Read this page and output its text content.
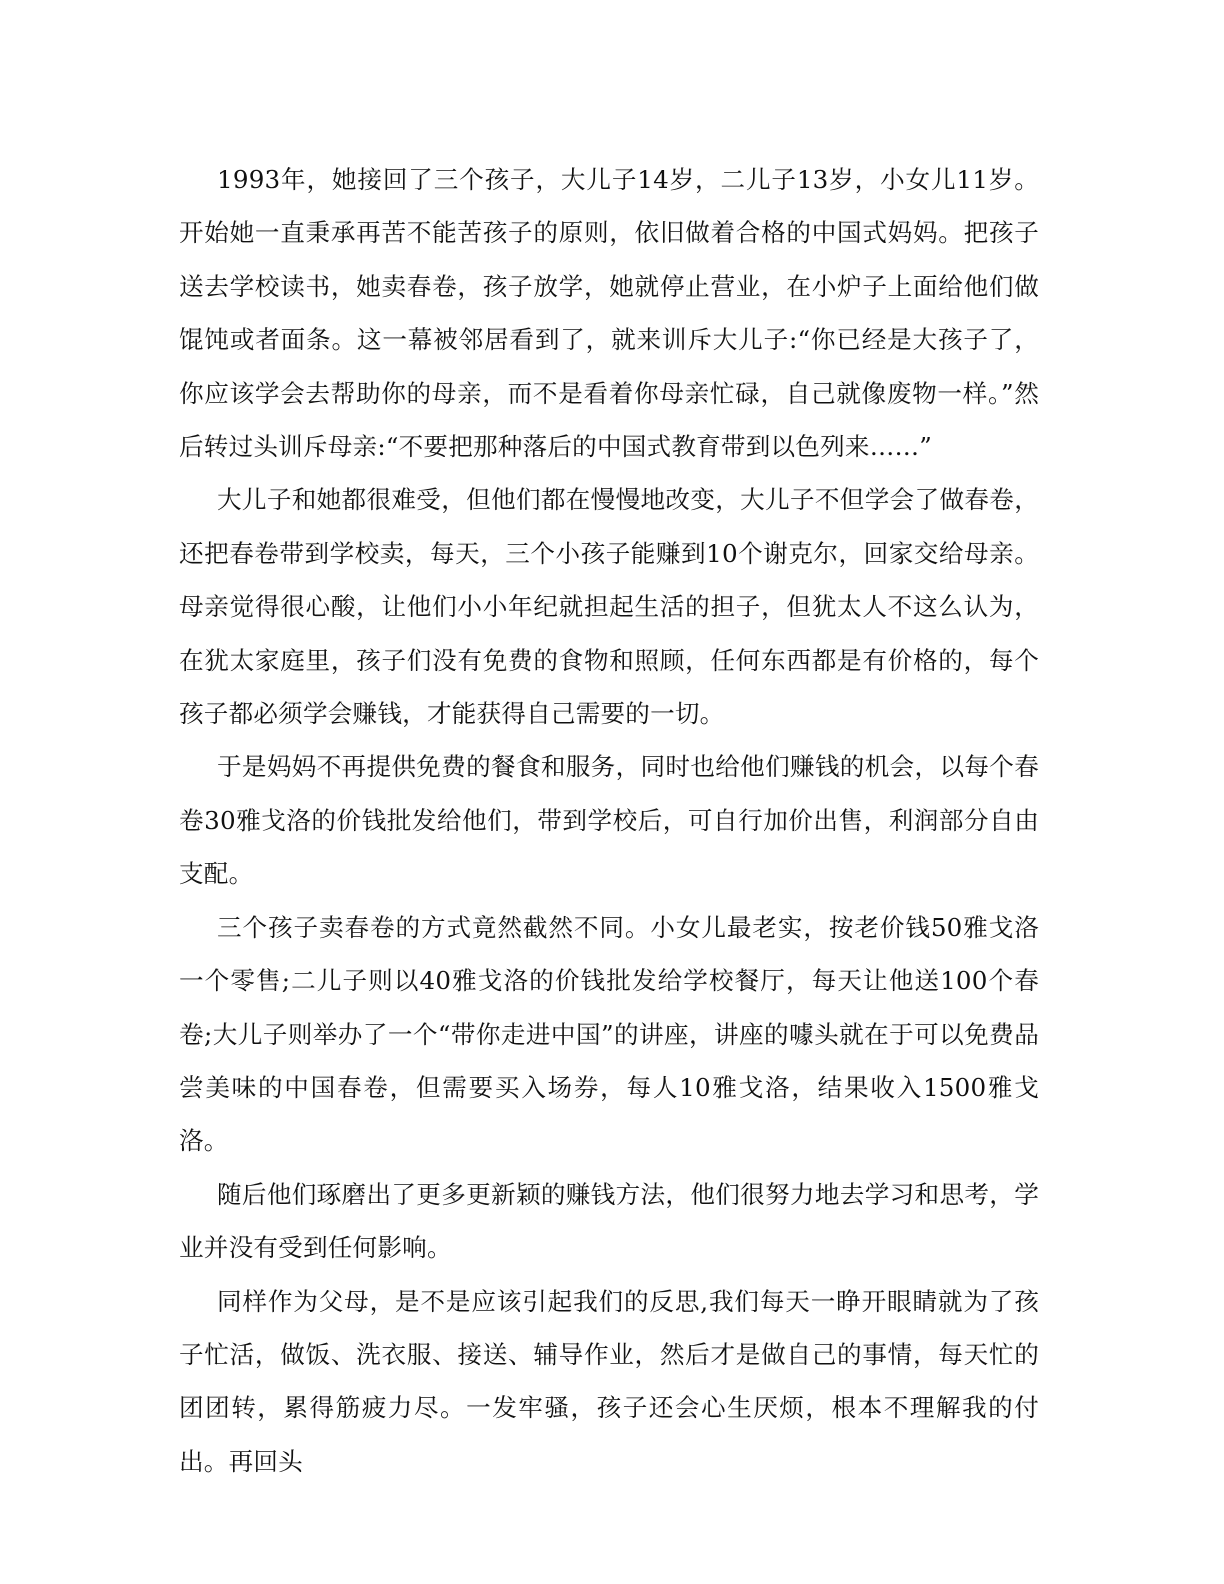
1993年，她接回了三个孩子，大儿子14岁，二儿子13岁，小女儿11岁。开始她一直秉承再苦不能苦孩子的原则，依旧做着合格的中国式妈妈。把孩子送去学校读书，她卖春卷，孩子放学，她就停止营业，在小炉子上面给他们做馄饨或者面条。这一幕被邻居看到了，就来训斥大儿子:“你已经是大孩子了，你应该学会去帮助你的母亲，而不是看着你母亲忙碌，自己就像废物一样。”然后转过头训斥母亲:“不要把那种落后的中国式教育带到以色列来……”

大儿子和她都很难受，但他们都在慢慢地改变，大儿子不但学会了做春卷，还把春卷带到学校卖，每天，三个小孩子能赚到10个谢克尔，回家交给母亲。母亲觉得很心酸，让他们小小年纪就担起生活的担子，但犹太人不这么认为，在犹太家庭里，孩子们没有免费的食物和照顾，任何东西都是有价格的，每个孩子都必须学会赚钱，才能获得自己需要的一切。

于是妈妈不再提供免费的餐食和服务，同时也给他们赚钱的机会，以每个春卷30雅戈洛的价钱批发给他们，带到学校后，可自行加价出售，利润部分自由支配。

三个孩子卖春卷的方式竟然截然不同。小女儿最老实，按老价钱50雅戈洛一个零售;二儿子则以40雅戈洛的价钱批发给学校餐厅，每天让他送100个春卷;大儿子则举办了一个“带你走进中国”的讲座，讲座的噱头就在于可以免费品尝美味的中国春卷，但需要买入场券，每人10雅戈洛，结果收入1500雅戈洛。

随后他们琢磨出了更多更新颖的赚钱方法，他们很努力地去学习和思考，学业并没有受到任何影响。

同样作为父母，是不是应该引起我们的反思,我们每天一睁开眼睛就为了孩子忙活，做饭、洗衣服、接送、辅导作业，然后才是做自己的事情，每天忙的团团转，累得筋疲力尽。一发牢骚，孩子还会心生厌烦，根本不理解我的付出。再回头
